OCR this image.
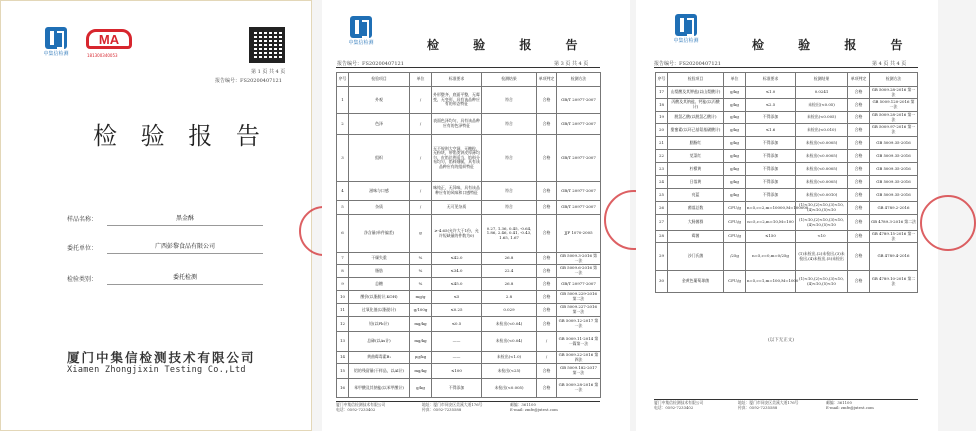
中集信检测
MA
181300340053
第 1 页 共 4 页
报告编号：FS20200407121
检 验 报 告
样品名称：	黑金酥
委托单位：	广西彭黎食品有限公司
检验类别：	委托检测
厦门中集信检测技术有限公司
Xiamen Zhongjixin Testing Co.,Ltd
中集信检测	检 验 报 告
报告编号：FS20200407121	第 3 页 共 4 页
序号	检验项目	单位	标准要求	检测结果	单项判定	检测方法
1	外观	/	外形整齐，底面平整，无霉变，无变形，具有该品种应有的形态特征	符合	合格	GB/T 20977-2007
2	色泽	/	表面色泽均匀，具有该品种应有的色泽特征	符合	合格	GB/T 20977-2007
3	组织	/	无不规则大空洞，无糖粒，无粉块，带馅类饼皮厚薄均匀，皮馅比例适当，馅料分布均匀，馅料细腻，具有该品种应有的组织特征	符合	合格	GB/T 20977-2007
4	滋味与口感	/	味纯正，无异味，具有该品种应有的风味和口感特征	符合	合格	GB/T 20977-2007
5	杂质	/	无可见杂质	符合	合格	GB/T 20977-2007
6	净含量(单件偏差)	g	≥-4.65(允许大于1份，允许短缺量的件数为0)	0.27, 1.36, 0.45, -0.64, 1.86, 2.46, 0.41, -0.43, 1.65, 1.67	合格	JJF 1070-2005
7	干燥失重	%	≤42.0	26.8	合格	GB 5009.3-2016 第一法
8	脂肪	%	≤34.0	22.4	合格	GB 5009.6-2016 第一法
9	总糖	%	≤45.0	26.8	合格	GB/T 20977-2007
10	酸价(以脂肪计,KOH)	mg/g	≤5	2.8	合格	GB 5009.229-2016 第二法
11	过氧化值(以脂肪计)	g/100g	≤0.25	0.029	合格	GB 5009.227-2016 第一法
12	铅(以Pb计)	mg/kg	≤0.5	未检出(<0.04)	合格	GB 5009.12-2017 第一法
13	总砷(以As计)	mg/kg	——	未检出(<0.04)	/	GB 5009.11-2014 第一篇第一法
14	黄曲霉毒素B₁	μg/kg	——	未检出(<1.0)	/	GB 5009.22-2016 第四法
15	铝的残留量(干样品，以Al计)	mg/kg	≤100	未检出(<25)	合格	GB 5009.182-2017 第一法
16	苯甲酸及其钠盐(以苯甲酸计)	g/kg	不得添加	未检出(<0.005)	合格	GB 5009.28-2016 第一法
厦门中集信检测技术有限公司
电话：0592-7233402
地址：厦门市同安区美溪大道176号
传真：0592-7235588
邮编：361100
E-mail: zmfe@jxtest.com
中集信检测	检 验 报 告
报告编号：FS20200407121	第 4 页 共 4 页
序号	检验项目	单位	标准要求	检测结果	单项判定	检测方法
17	山梨酸及其钾盐(以山梨酸计)	g/kg	≤1.0	0.0241	合格	GB 5009.28-2016 第一法
18	丙酸及其钠盐、钙盐(以丙酸计)	g/kg	≤2.5	未检出(<0.05)	合格	GB 5009.120-2016 第一法
19	脱氢乙酸(以脱氢乙酸计)	g/kg	不得添加	未检出(<0.005)	合格	GB 5009.28-2016 第一法
20	甜蜜素(以环己基氨基磺酸计)	g/kg	≤1.6	未检出(<0.010)	合格	GB 5009.97-2016 第一法
21	胭脂红	g/kg	不得添加	未检出(<0.0005)	合格	GB 5009.35-2016
22	苋菜红	g/kg	不得添加	未检出(<0.0005)	合格	GB 5009.35-2016
23	柠檬黄	g/kg	不得添加	未检出(<0.0005)	合格	GB 5009.35-2016
24	日落黄	g/kg	不得添加	未检出(<0.0005)	合格	GB 5009.35-2016
25	亮蓝	g/kg	不得添加	未检出(<0.0010)	合格	GB 5009.35-2016
26	菌落总数	CFU/g	n=5,c=2,m=10000,M=100000	(1)<10,(2)<10,(3)<10,(4)<10,(5)<10	合格	GB 4789.2-2016
27	大肠菌群	CFU/g	n=5,c=2,m=10,M=100	(1)<10,(2)<10,(3)<10,(4)<10,(5)<10	合格	GB 4789.3-2016 第二法
28	霉菌	CFU/g	≤150	<10	合格	GB 4789.15-2016 第一法
29	沙门氏菌	/25g	n=5,c=0,m=0/25g	(1)未检出,(2)未检出,(3)未检出,(4)未检出,(5)未检出	合格	GB 4789.4-2016
30	金黄色葡萄球菌	CFU/g	n=5,c=1,m=100,M=1000	(1)<10,(2)<10,(3)<10,(4)<10,(5)<10	合格	GB 4789.10-2016 第二法
(以下无正文)
厦门中集信检测技术有限公司
电话：0592-7233402
地址：厦门市同安区美溪大道176号
传真：0592-7235588
邮编：361100
E-mail: zmfe@jxtest.com
